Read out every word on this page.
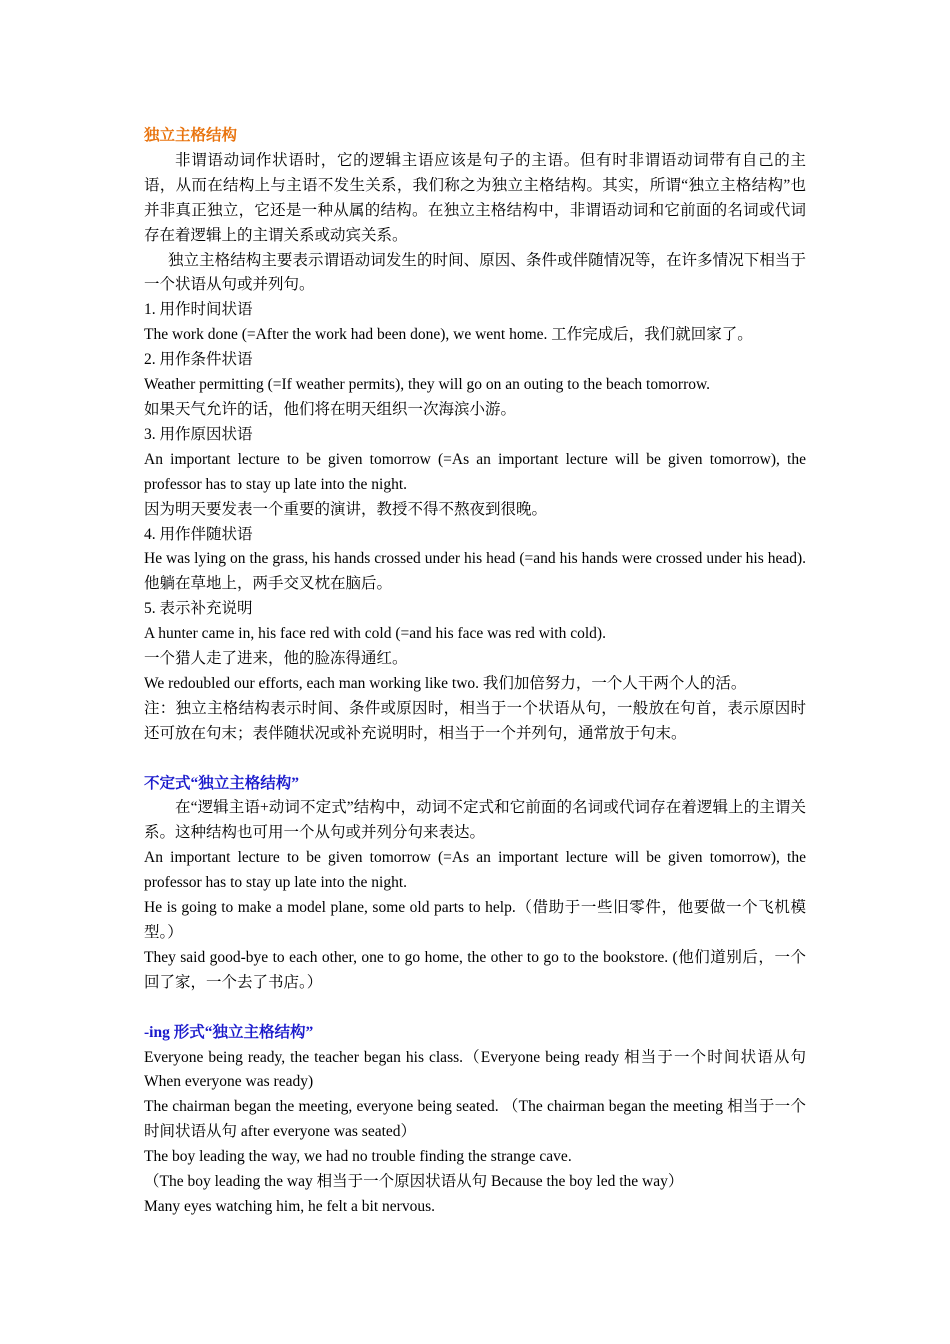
独立主格结构

非谓语动词作状语时，它的逻辑主语应该是句子的主语。但有时非谓语动词带有自己的主语，从而在结构上与主语不发生关系，我们称之为独立主格结构。其实，所谓“独立主格结构”也并非真正独立，它还是一种从属的结构。在独立主格结构中，非谓语动词和它前面的名词或代词存在着逻辑上的主谓关系或动宾关系。

独立主格结构主要表示谓语动词发生的时间、原因、条件或伴随情况等，在许多情况下相当于一个状语从句或并列句。

1. 用作时间状语

The work done (=After the work had been done), we went home. 工作完成后，我们就回家了。

2. 用作条件状语

Weather permitting (=If weather permits), they will go on an outing to the beach tomorrow.

如果天气允许的话，他们将在明天组织一次海滨小游。

3. 用作原因状语

An important lecture to be given tomorrow (=As an important lecture will be given tomorrow), the professor has to stay up late into the night.

因为明天要发表一个重要的演讲，教授不得不熬夜到很晚。

4. 用作伴随状语

He was lying on the grass, his hands crossed under his head (=and his hands were crossed under his head). 他躺在草地上，两手交叉枕在脑后。

5. 表示补充说明

A hunter came in, his face red with cold (=and his face was red with cold).

一个猎人走了进来，他的脸冻得通红。

We redoubled our efforts, each man working like two. 我们加倍努力，一个人干两个人的活。

注：独立主格结构表示时间、条件或原因时，相当于一个状语从句，一般放在句首，表示原因时还可放在句末；表伴随状况或补充说明时，相当于一个并列句，通常放于句末。

不定式“独立主格结构”

在“逻辑主语+动词不定式”结构中，动词不定式和它前面的名词或代词存在着逻辑上的主谓关系。这种结构也可用一个从句或并列分句来表达。

An important lecture to be given tomorrow (=As an important lecture will be given tomorrow), the professor has to stay up late into the night.

He is going to make a model plane, some old parts to help.（借助于一些旧零件，他要做一个飞机模型。）

They said good-bye to each other, one to go home, the other to go to the bookstore. (他们道别后，一个回了家，一个去了书店。）

-ing 形式“独立主格结构”

Everyone being ready, the teacher began his class.（Everyone being ready 相当于一个时间状语从句 When everyone was ready)

The chairman began the meeting, everyone being seated. （The chairman began the meeting 相当于一个时间状语从句 after everyone was seated）

The boy leading the way, we had no trouble finding the strange cave.

（The boy leading the way 相当于一个原因状语从句 Because the boy led the way）

Many eyes watching him, he felt a bit nervous.
